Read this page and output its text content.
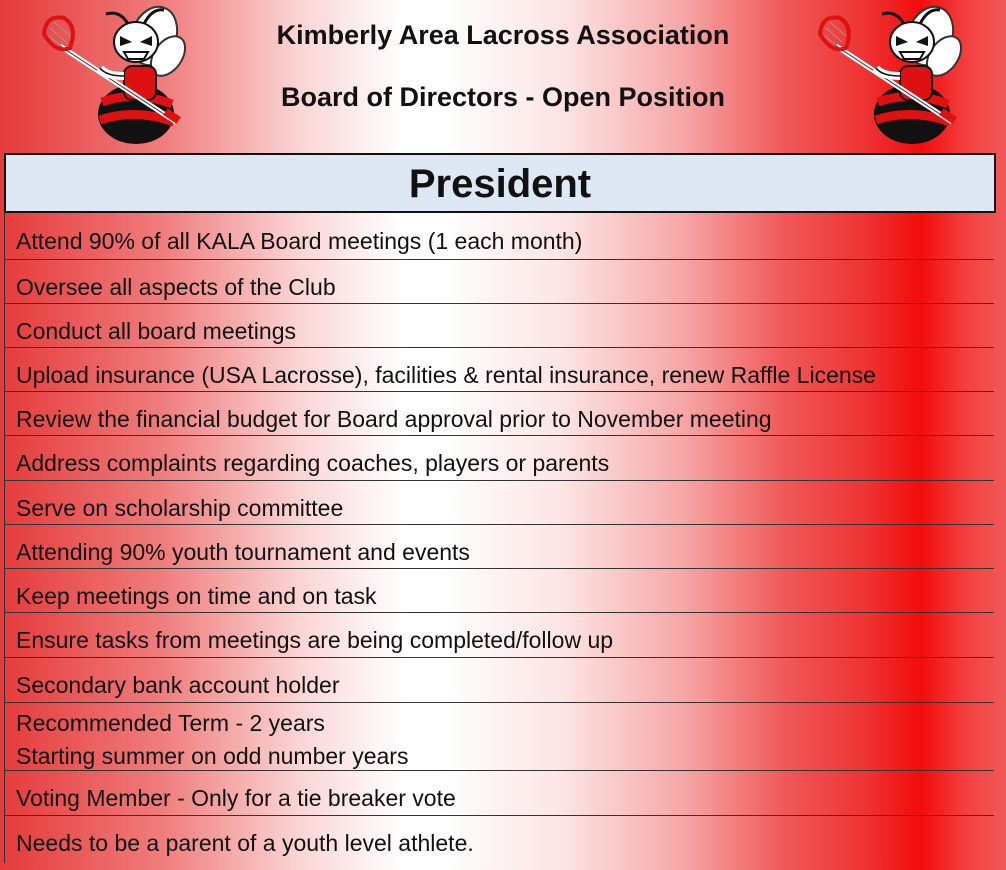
Kimberly Area Lacross Association
Board of Directors - Open Position
President
Attend 90% of all KALA Board meetings (1 each month)
Oversee all aspects of the Club
Conduct all board meetings
Upload insurance (USA Lacrosse), facilities & rental insurance, renew Raffle License
Review the financial budget for Board approval prior to November meeting
Address complaints regarding coaches, players or parents
Serve on scholarship committee
Attending 90% youth tournament and events
Keep meetings on time and on task
Ensure tasks from meetings are being completed/follow up
Secondary bank account holder
Recommended Term - 2 years
Starting summer on odd number years
Voting Member - Only for a tie breaker vote
Needs to be a parent of a youth level athlete.
